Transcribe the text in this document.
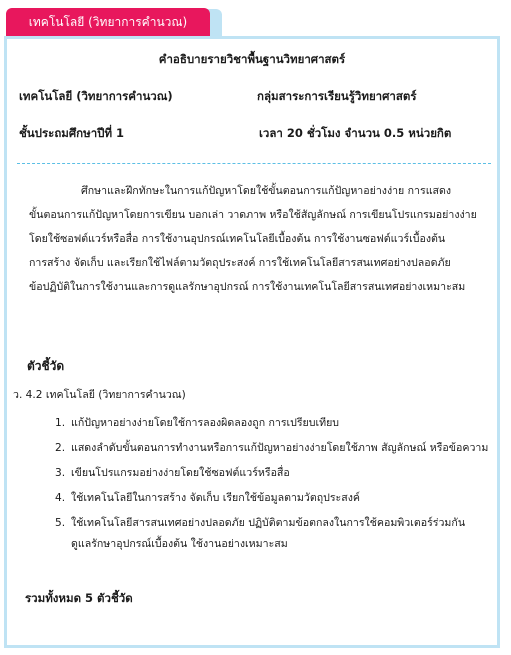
เทคโนโลยี (วิทยาการคำนวณ)
คำอธิบายรายวิชาพื้นฐานวิทยาศาสตร์
เทคโนโลยี (วิทยาการคำนวณ)	กลุ่มสาระการเรียนรู้วิทยาศาสตร์
ชั้นประถมศึกษาปีที่ 1	เวลา 20 ชั่วโมง จำนวน 0.5 หน่วยกิต
ศึกษาและฝึกทักษะในการแก้ปัญหาโดยใช้ขั้นตอนการแก้ปัญหาอย่างง่าย การแสดง
ขั้นตอนการแก้ปัญหาโดยการเขียน บอกเล่า วาดภาพ หรือใช้สัญลักษณ์ การเขียนโปรแกรมอย่างง่าย
โดยใช้ซอฟต์แวร์หรือสื่อ การใช้งานอุปกรณ์เทคโนโลยีเบื้องต้น การใช้งานซอฟต์แวร์เบื้องต้น
การสร้าง จัดเก็บ และเรียกใช้ไฟล์ตามวัตถุประสงค์ การใช้เทคโนโลยีสารสนเทศอย่างปลอดภัย
ข้อปฏิบัติในการใช้งานและการดูแลรักษาอุปกรณ์ การใช้งานเทคโนโลยีสารสนเทศอย่างเหมาะสม
ตัวชี้วัด
ว. 4.2 เทคโนโลยี (วิทยาการคำนวณ)
1. แก้ปัญหาอย่างง่ายโดยใช้การลองผิดลองถูก การเปรียบเทียบ
2. แสดงลำดับขั้นตอนการทำงานหรือการแก้ปัญหาอย่างง่ายโดยใช้ภาพ สัญลักษณ์ หรือข้อความ
3. เขียนโปรแกรมอย่างง่ายโดยใช้ซอฟต์แวร์หรือสื่อ
4. ใช้เทคโนโลยีในการสร้าง จัดเก็บ เรียกใช้ข้อมูลตามวัตถุประสงค์
5. ใช้เทคโนโลยีสารสนเทศอย่างปลอดภัย ปฏิบัติตามข้อตกลงในการใช้คอมพิวเตอร์ร่วมกัน
ดูแลรักษาอุปกรณ์เบื้องต้น ใช้งานอย่างเหมาะสม
รวมทั้งหมด 5 ตัวชี้วัด
